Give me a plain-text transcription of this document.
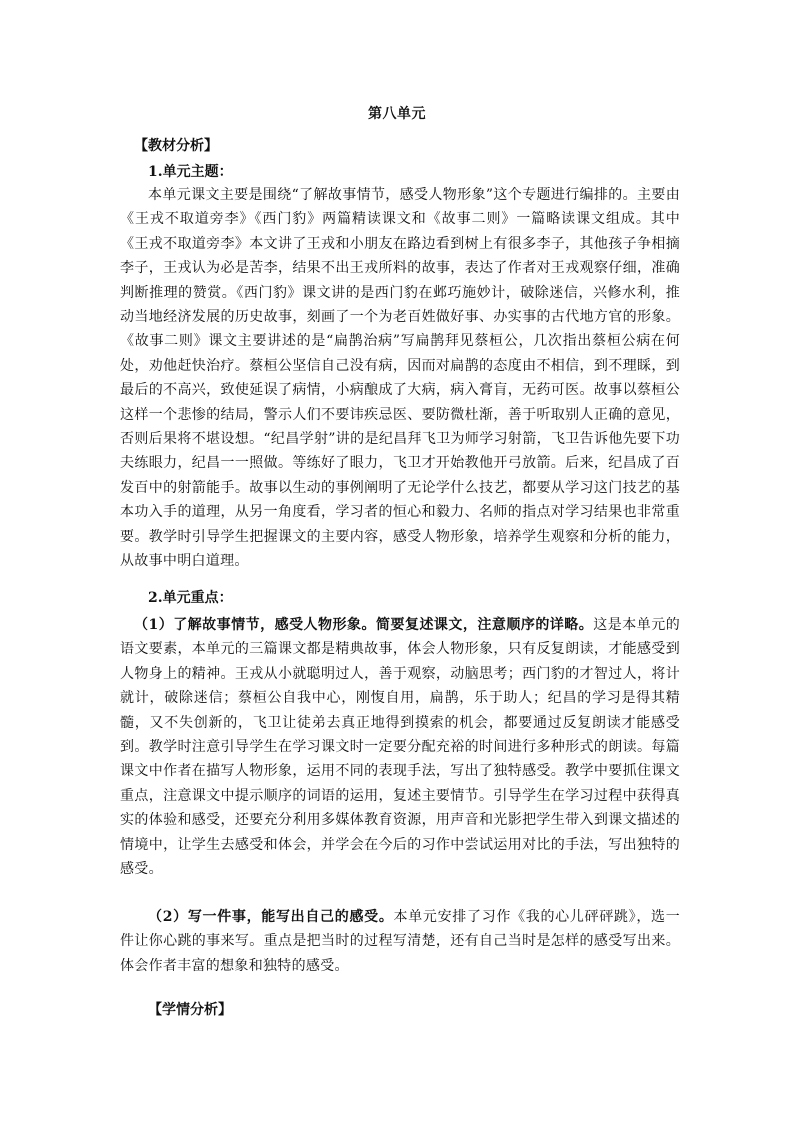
第八单元
【教材分析】
1.单元主题：

本单元课文主要是围绕“了解故事情节，感受人物形象”这个专题进行编排的。主要由《王戎不取道旁李》《西门豹》两篇精读课文和《故事二则》一篇略读课文组成。其中《王戎不取道旁李》本文讲了王戎和小朋友在路边看到树上有很多李子，其他孩子争相摘李子，王戎认为必是苦李，结果不出王戎所料的故事，表达了作者对王戎观察仔细，准确判断推理的赞赏。《西门豹》课文讲的是西门豹在邺巧施妙计，破除迷信，兴修水利，推动当地经济发展的历史故事，刻画了一个为老百姓做好事、办实事的古代地方官的形象。《故事二则》课文主要讲述的是“扁鹊治病”写扁鹊拜见蔡桓公，几次指出蔡桓公病在何处，劝他赶快治疗。蔡桓公坚信自己没有病，因而对扁鹊的态度由不相信，到不理睬，到最后的不高兴，致使延误了病情，小病酿成了大病，病入膏肓，无药可医。故事以蔡桓公这样一个悲惨的结局，警示人们不要讳疾忌医、要防微杜渐，善于听取别人正确的意见，否则后果将不堪设想。“纪昌学射”讲的是纪昌拜飞卫为师学习射箭，飞卫告诉他先要下功夫练眼力，纪昌一一照做。等练好了眼力，飞卫才开始教他开弓放箭。后来，纪昌成了百发百中的射箭能手。故事以生动的事例阐明了无论学什么技艺，都要从学习这门技艺的基本功入手的道理，从另一角度看，学习者的恒心和毅力、名师的指点对学习结果也非常重要。教学时引导学生把握课文的主要内容，感受人物形象，培养学生观察和分析的能力，从故事中明白道理。

2.单元重点：

（1）了解故事情节，感受人物形象。简要复述课文，注意顺序的详略。这是本单元的语文要素，本单元的三篇课文都是精典故事，体会人物形象，只有反复朗读，才能感受到人物身上的精神。王戎从小就聪明过人，善于观察，动脑思考；西门豹的才智过人，将计就计，破除迷信；蔡桓公自我中心，刚愎自用，扁鹊，乐于助人；纪昌的学习是得其精髓，又不失创新的，飞卫让徒弟去真正地得到摸索的机会，都要通过反复朗读才能感受到。教学时注意引导学生在学习课文时一定要分配充裕的时间进行多种形式的朗读。每篇课文中作者在描写人物形象，运用不同的表现手法，写出了独特感受。教学中要抓住课文重点，注意课文中提示顺序的词语的运用，复述主要情节。引导学生在学习过程中获得真实的体验和感受，还要充分利用多媒体教育资源，用声音和光影把学生带入到课文描述的情境中，让学生去感受和体会，并学会在今后的习作中尝试运用对比的手法，写出独特的感受。

（2）写一件事，能写出自己的感受。本单元安排了习作《我的心儿砰砰跳》，选一件让你心跳的事来写。重点是把当时的过程写清楚，还有自己当时是怎样的感受写出来。体会作者丰富的想象和独特的感受。

【学情分析】
